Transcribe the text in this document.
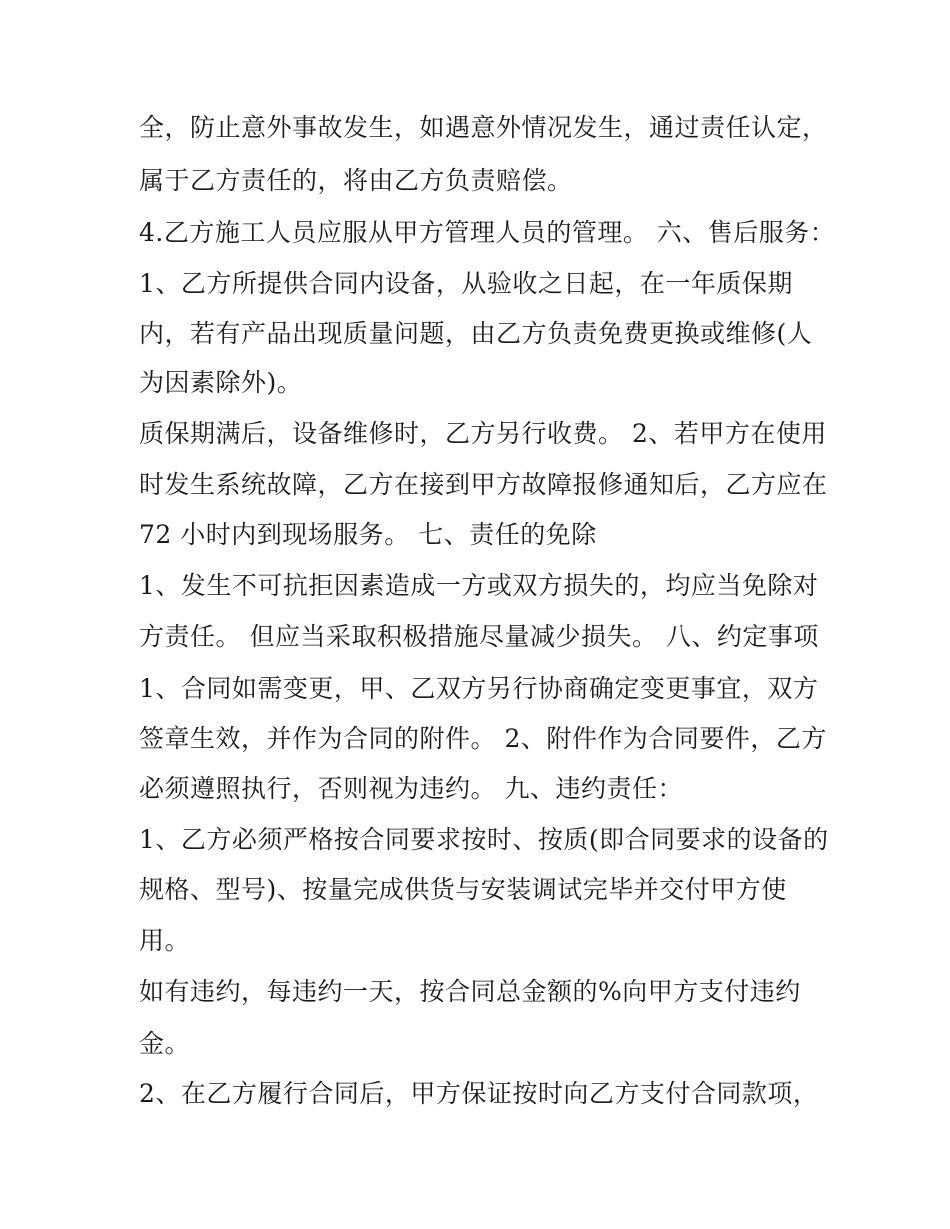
全，防止意外事故发生，如遇意外情况发生，通过责任认定，
属于乙方责任的，将由乙方负责赔偿。
4.乙方施工人员应服从甲方管理人员的管理。 六、售后服务：
1、乙方所提供合同内设备，从验收之日起，在一年质保期
内，若有产品出现质量问题，由乙方负责免费更换或维修(人
为因素除外)。
质保期满后，设备维修时，乙方另行收费。 2、若甲方在使用
时发生系统故障，乙方在接到甲方故障报修通知后，乙方应在
72 小时内到现场服务。 七、责任的免除
1、发生不可抗拒因素造成一方或双方损失的，均应当免除对
方责任。 但应当采取积极措施尽量减少损失。 八、约定事项
1、合同如需变更，甲、乙双方另行协商确定变更事宜，双方
签章生效，并作为合同的附件。 2、附件作为合同要件，乙方
必须遵照执行，否则视为违约。 九、违约责任：
1、乙方必须严格按合同要求按时、按质(即合同要求的设备的
规格、型号)、按量完成供货与安装调试完毕并交付甲方使
用。
如有违约，每违约一天，按合同总金额的%向甲方支付违约
金。
2、在乙方履行合同后，甲方保证按时向乙方支付合同款项，
